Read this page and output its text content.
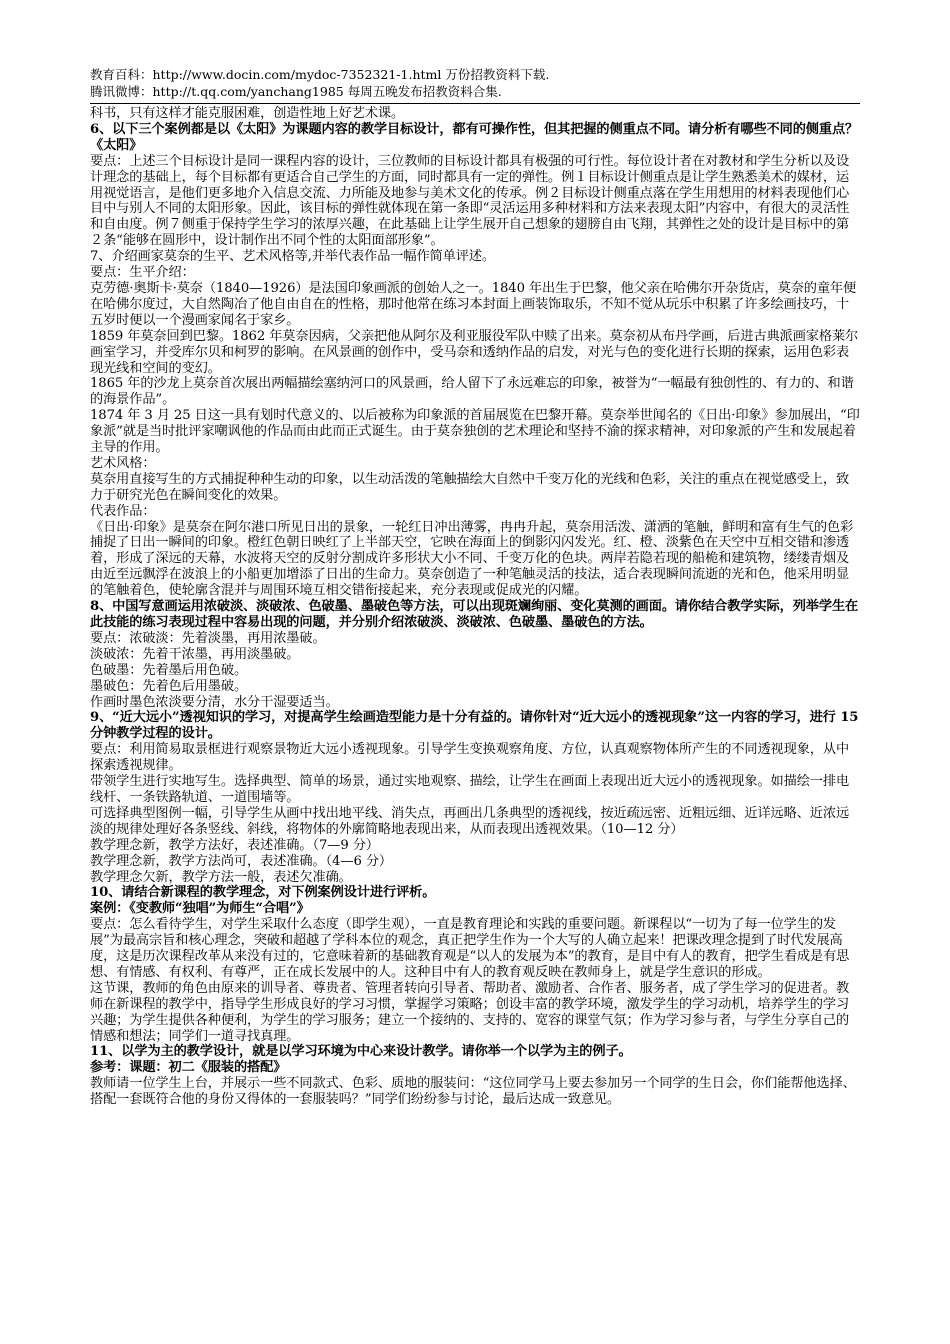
教育百科：http://www.docin.com/mydoc-7352321-1.html 万份招教资料下载.
腾讯微博：http://t.qq.com/yanchang1985 每周五晚发布招教资料合集.

科书，只有这样才能克服困难，创造性地上好艺术课。

6、以下三个案例都是以《太阳》为课题内容的教学目标设计，都有可操作性，但其把握的侧重点不同。请分析有哪些不同的侧重点？

《太阳》

要点：上述三个目标设计是同一课程内容的设计，三位教师的目标设计都具有极强的可行性。每位设计者在对教材和学生分析以及设计理念的基础上，每个目标都有更适合自己学生的方面，同时都具有一定的弹性。例１目标设计侧重点是让学生熟悉美术的媒材，运用视觉语言，是他们更多地介入信息交流、力所能及地参与美术文化的传承。例２目标设计侧重点落在学生用想用的材料表现他们心目中与别人不同的太阳形象。因此，该目标的弹性就体现在第一条即“灵活运用多种材料和方法来表现太阳”内容中，有很大的灵活性和自由度。例７侧重于保持学生学习的浓厚兴趣，在此基础上让学生展开自己想象的翅膀自由飞翔，其弹性之处的设计是目标中的第２条“能够在圆形中，设计制作出不同个性的太阳面部形象”。

7、介绍画家莫奈的生平、艺术风格等,并举代表作品一幅作简单评述。

要点：生平介绍：

克劳德·奥斯卡·莫奈（1840—1926）是法国印象画派的创始人之一。1840 年出生于巴黎，他父亲在哈佛尔开杂货店，莫奈的童年便在哈佛尔度过，大自然陶冶了他自由自在的性格，那时他常在练习本封面上画装饰取乐，不知不觉从玩乐中积累了许多绘画技巧，十五岁时便以一个漫画家闻名于家乡。

1859 年莫奈回到巴黎。1862 年莫奈因病，父亲把他从阿尔及利亚服役军队中赎了出来。莫奈初从布丹学画，后进古典派画家格莱尔画室学习，并受库尔贝和柯罗的影响。在风景画的创作中，受马奈和透纳作品的启发，对光与色的变化进行长期的探索，运用色彩表现光线和空间的变幻。

1865 年的沙龙上莫奈首次展出两幅描绘塞纳河口的风景画，给人留下了永远难忘的印象，被誉为“一幅最有独创性的、有力的、和谐的海景作品”。

1874 年 3 月 25 日这一具有划时代意义的、以后被称为印象派的首届展览在巴黎开幕。莫奈举世闻名的《日出·印象》参加展出，“印象派”就是当时批评家嘲讽他的作品而由此而正式诞生。由于莫奈独创的艺术理论和坚持不渝的探求精神，对印象派的产生和发展起着主导的作用。

艺术风格：

莫奈用直接写生的方式捕捉种种生动的印象，以生动活泼的笔触描绘大自然中千变万化的光线和色彩，关注的重点在视觉感受上，致力于研究光色在瞬间变化的效果。

代表作品：

《日出·印象》是莫奈在阿尔港口所见日出的景象，一轮红日冲出薄雾，冉冉升起，莫奈用活泼、潇洒的笔触，鲜明和富有生气的色彩捕捉了日出一瞬间的印象。橙红色朝日映红了上半部天空，它映在海面上的倒影闪闪发光。红、橙、淡紫色在天空中互相交错和渗透着，形成了深远的天幕，水波将天空的反射分割成许多形状大小不同、千变万化的色块。两岸若隐若现的船桅和建筑物，缕缕青烟及由近至远飘浮在波浪上的小船更加增添了日出的生命力。莫奈创造了一种笔触灵活的技法，适合表现瞬间流逝的光和色，他采用明显的笔触着色，使轮廓含混并与周围环境互相交错衔接起来，充分表现或促成光的闪耀。

8、中国写意画运用浓破淡、淡破浓、色破墨、墨破色等方法，可以出现斑斓绚丽、变化莫测的画面。请你结合教学实际，列举学生在此技能的练习表现过程中容易出现的问题，并分别介绍浓破淡、淡破浓、色破墨、墨破色的方法。

要点：浓破淡：先着淡墨，再用浓墨破。

淡破浓：先着干浓墨，再用淡墨破。

色破墨：先着墨后用色破。

墨破色：先着色后用墨破。

作画时墨色浓淡要分清，水分干湿要适当。

9、“近大远小”透视知识的学习，对提高学生绘画造型能力是十分有益的。请你针对“近大远小的透视现象”这一内容的学习，进行 15 分钟教学过程的设计。

要点：利用简易取景框进行观察景物近大远小透视现象。引导学生变换观察角度、方位，认真观察物体所产生的不同透视现象，从中探索透视规律。

带领学生进行实地写生。选择典型、简单的场景，通过实地观察、描绘，让学生在画面上表现出近大远小的透视现象。如描绘一排电线杆、一条铁路轨道、一道围墙等。

可选择典型图例一幅，引导学生从画中找出地平线、消失点，再画出几条典型的透视线，按近疏远密、近粗远细、近详远略、近浓远淡的规律处理好各条竖线、斜线，将物体的外廓简略地表现出来，从而表现出透视效果。（10—12 分）

教学理念新，教学方法好，表述准确。（7—9 分）

教学理念新，教学方法尚可，表述准确。（4—6 分）

教学理念欠新，教学方法一般，表述欠准确。

10、请结合新课程的教学理念，对下例案例设计进行评析。

案例：《变教师“独唱”为师生“合唱”》

要点：怎么看待学生，对学生采取什么态度（即学生观），一直是教育理论和实践的重要问题。新课程以“一切为了每一位学生的发展”为最高宗旨和核心理念，突破和超越了学科本位的观念，真正把学生作为一个大写的人确立起来！把课改理念提到了时代发展高度，这是历次课程改革从来没有过的，它意味着新的基础教育观是“以人的发展为本”的教育，是目中有人的教育，把学生看成是有思想、有情感、有权利、有尊严，正在成长发展中的人。这种目中有人的教育观反映在教师身上，就是学生意识的形成。

这节课，教师的角色由原来的训导者、尊贵者、管理者转向引导者、帮助者、激励者、合作者、服务者，成了学生学习的促进者。教师在新课程的教学中，指导学生形成良好的学习习惯，掌握学习策略；创设丰富的教学环境，激发学生的学习动机，培养学生的学习兴趣；为学生提供各种便利，为学生的学习服务；建立一个接纳的、支持的、宽容的课堂气氛；作为学习参与者，与学生分享自己的情感和想法；同学们一道寻找真理。

11、以学为主的教学设计，就是以学习环境为中心来设计教学。请你举一个以学为主的例子。

参考：课题：初二《服装的搭配》

教师请一位学生上台，并展示一些不同款式、色彩、质地的服装问：“这位同学马上要去参加另一个同学的生日会，你们能帮他选择、搭配一套既符合他的身份又得体的一套服装吗？”同学们纷纷参与讨论，最后达成一致意见。
